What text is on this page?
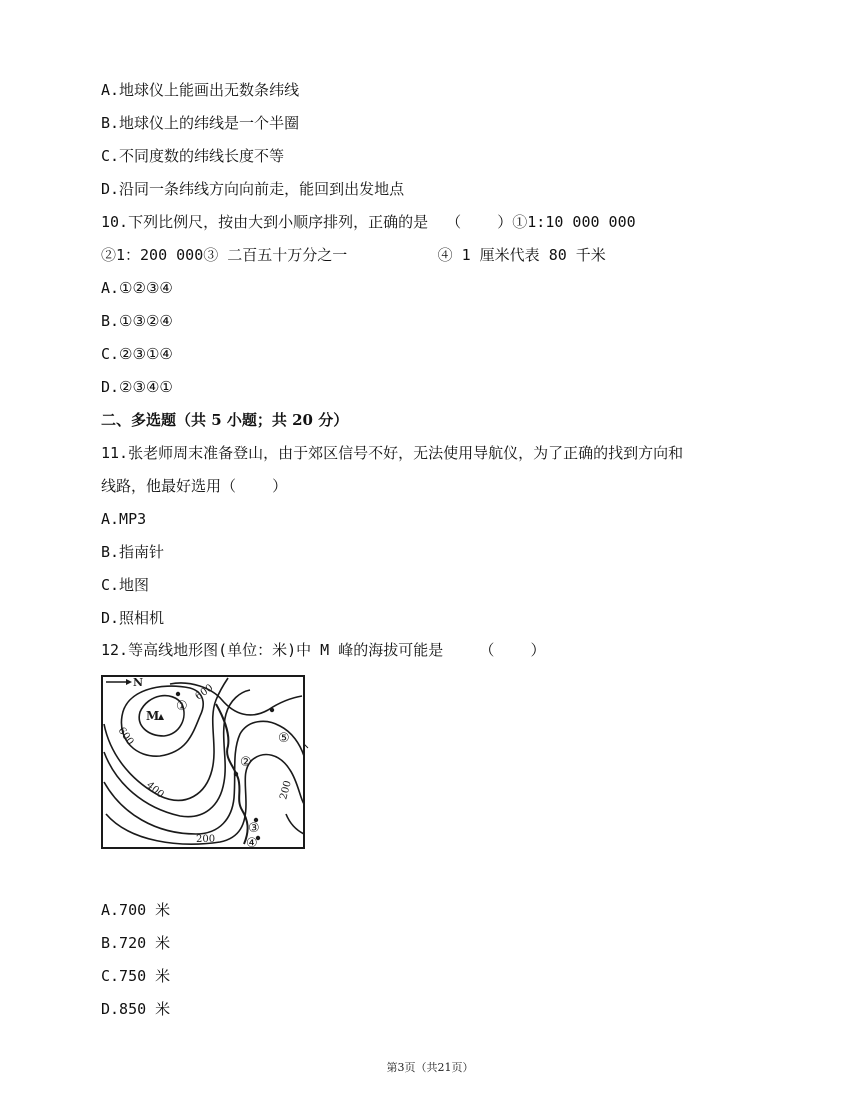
A.地球仪上能画出无数条纬线
B.地球仪上的纬线是一个半圈
C.不同度数的纬线长度不等
D.沿同一条纬线方向向前走，能回到出发地点
10.下列比例尺，按由大到小顺序排列，正确的是  （    ）①1:10 000 000
②1：200 000③ 二百五十万分之一          ④ 1 厘米代表 80 千米
A.①②③④
B.①③②④
C.②③①④
D.②③④①
二、多选题（共 5 小题；共 20 分）
11.张老师周末准备登山，由于郊区信号不好，无法使用导航仪，为了正确的找到方向和
线路，他最好选用（    ）
A.MP3
B.指南针
C.地图
D.照相机
12.等高线地形图(单位：米)中 M 峰的海拔可能是    （    ）
N
M
600
600
400
200
200
①
②
③
④
⑤
A.700 米
B.720 米
C.750 米
D.850 米
第3页（共21页）
